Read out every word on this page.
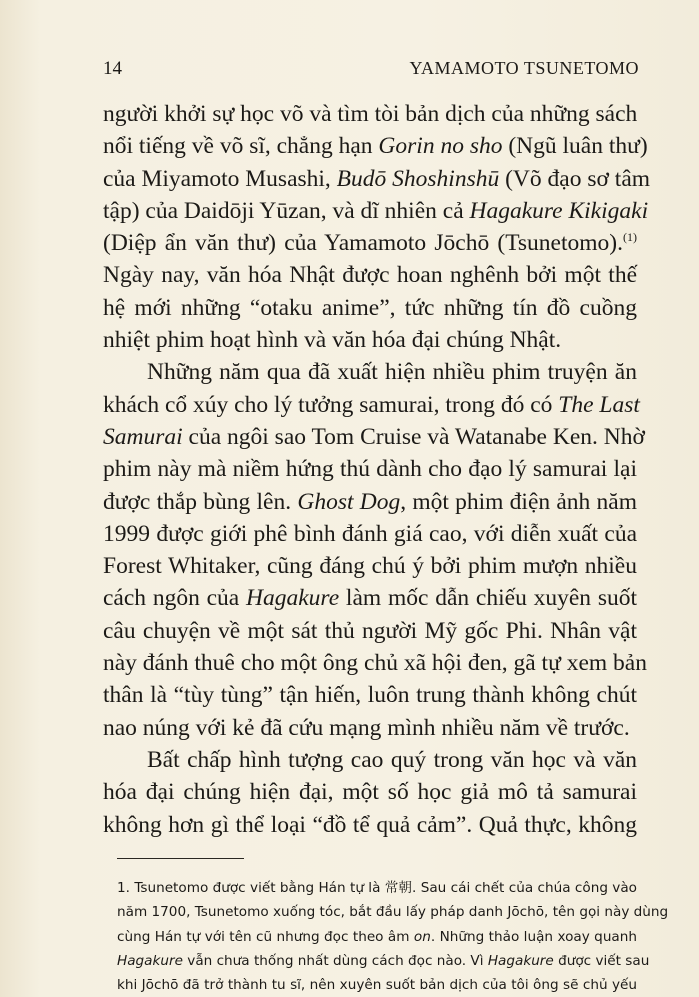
14	YAMAMOTO TSUNETOMO
người khởi sự học võ và tìm tòi bản dịch của những sách
nổi tiếng về võ sĩ, chẳng hạn Gorin no sho (Ngũ luân thư)
của Miyamoto Musashi, Budō Shoshinshū (Võ đạo sơ tâm
tập) của Daidōji Yūzan, và dĩ nhiên cả Hagakure Kikigaki
(Diệp ẩn văn thư) của Yamamoto Jōchō (Tsunetomo).$^{(1)}$
Ngày nay, văn hóa Nhật được hoan nghênh bởi một thế
hệ mới những “otaku anime”, tức những tín đồ cuồng
nhiệt phim hoạt hình và văn hóa đại chúng Nhật.
Những năm qua đã xuất hiện nhiều phim truyện ăn
khách cổ xúy cho lý tưởng samurai, trong đó có The Last
Samurai của ngôi sao Tom Cruise và Watanabe Ken. Nhờ
phim này mà niềm hứng thú dành cho đạo lý samurai lại
được thắp bùng lên. Ghost Dog, một phim điện ảnh năm
1999 được giới phê bình đánh giá cao, với diễn xuất của
Forest Whitaker, cũng đáng chú ý bởi phim mượn nhiều
cách ngôn của Hagakure làm mốc dẫn chiếu xuyên suốt
câu chuyện về một sát thủ người Mỹ gốc Phi. Nhân vật
này đánh thuê cho một ông chủ xã hội đen, gã tự xem bản
thân là “tùy tùng” tận hiến, luôn trung thành không chút
nao núng với kẻ đã cứu mạng mình nhiều năm về trước.
Bất chấp hình tượng cao quý trong văn học và văn
hóa đại chúng hiện đại, một số học giả mô tả samurai
không hơn gì thể loại “đồ tể quả cảm”. Quả thực, không
1. Tsunetomo được viết bằng Hán tự là 常朝. Sau cái chết của chúa công vào
năm 1700, Tsunetomo xuống tóc, bắt đầu lấy pháp danh Jōchō, tên gọi này dùng
cùng Hán tự với tên cũ nhưng đọc theo âm on. Những thảo luận xoay quanh
Hagakure vẫn chưa thống nhất dùng cách đọc nào. Vì Hagakure được viết sau
khi Jōchō đã trở thành tu sĩ, nên xuyên suốt bản dịch của tôi ông sẽ chủ yếu
